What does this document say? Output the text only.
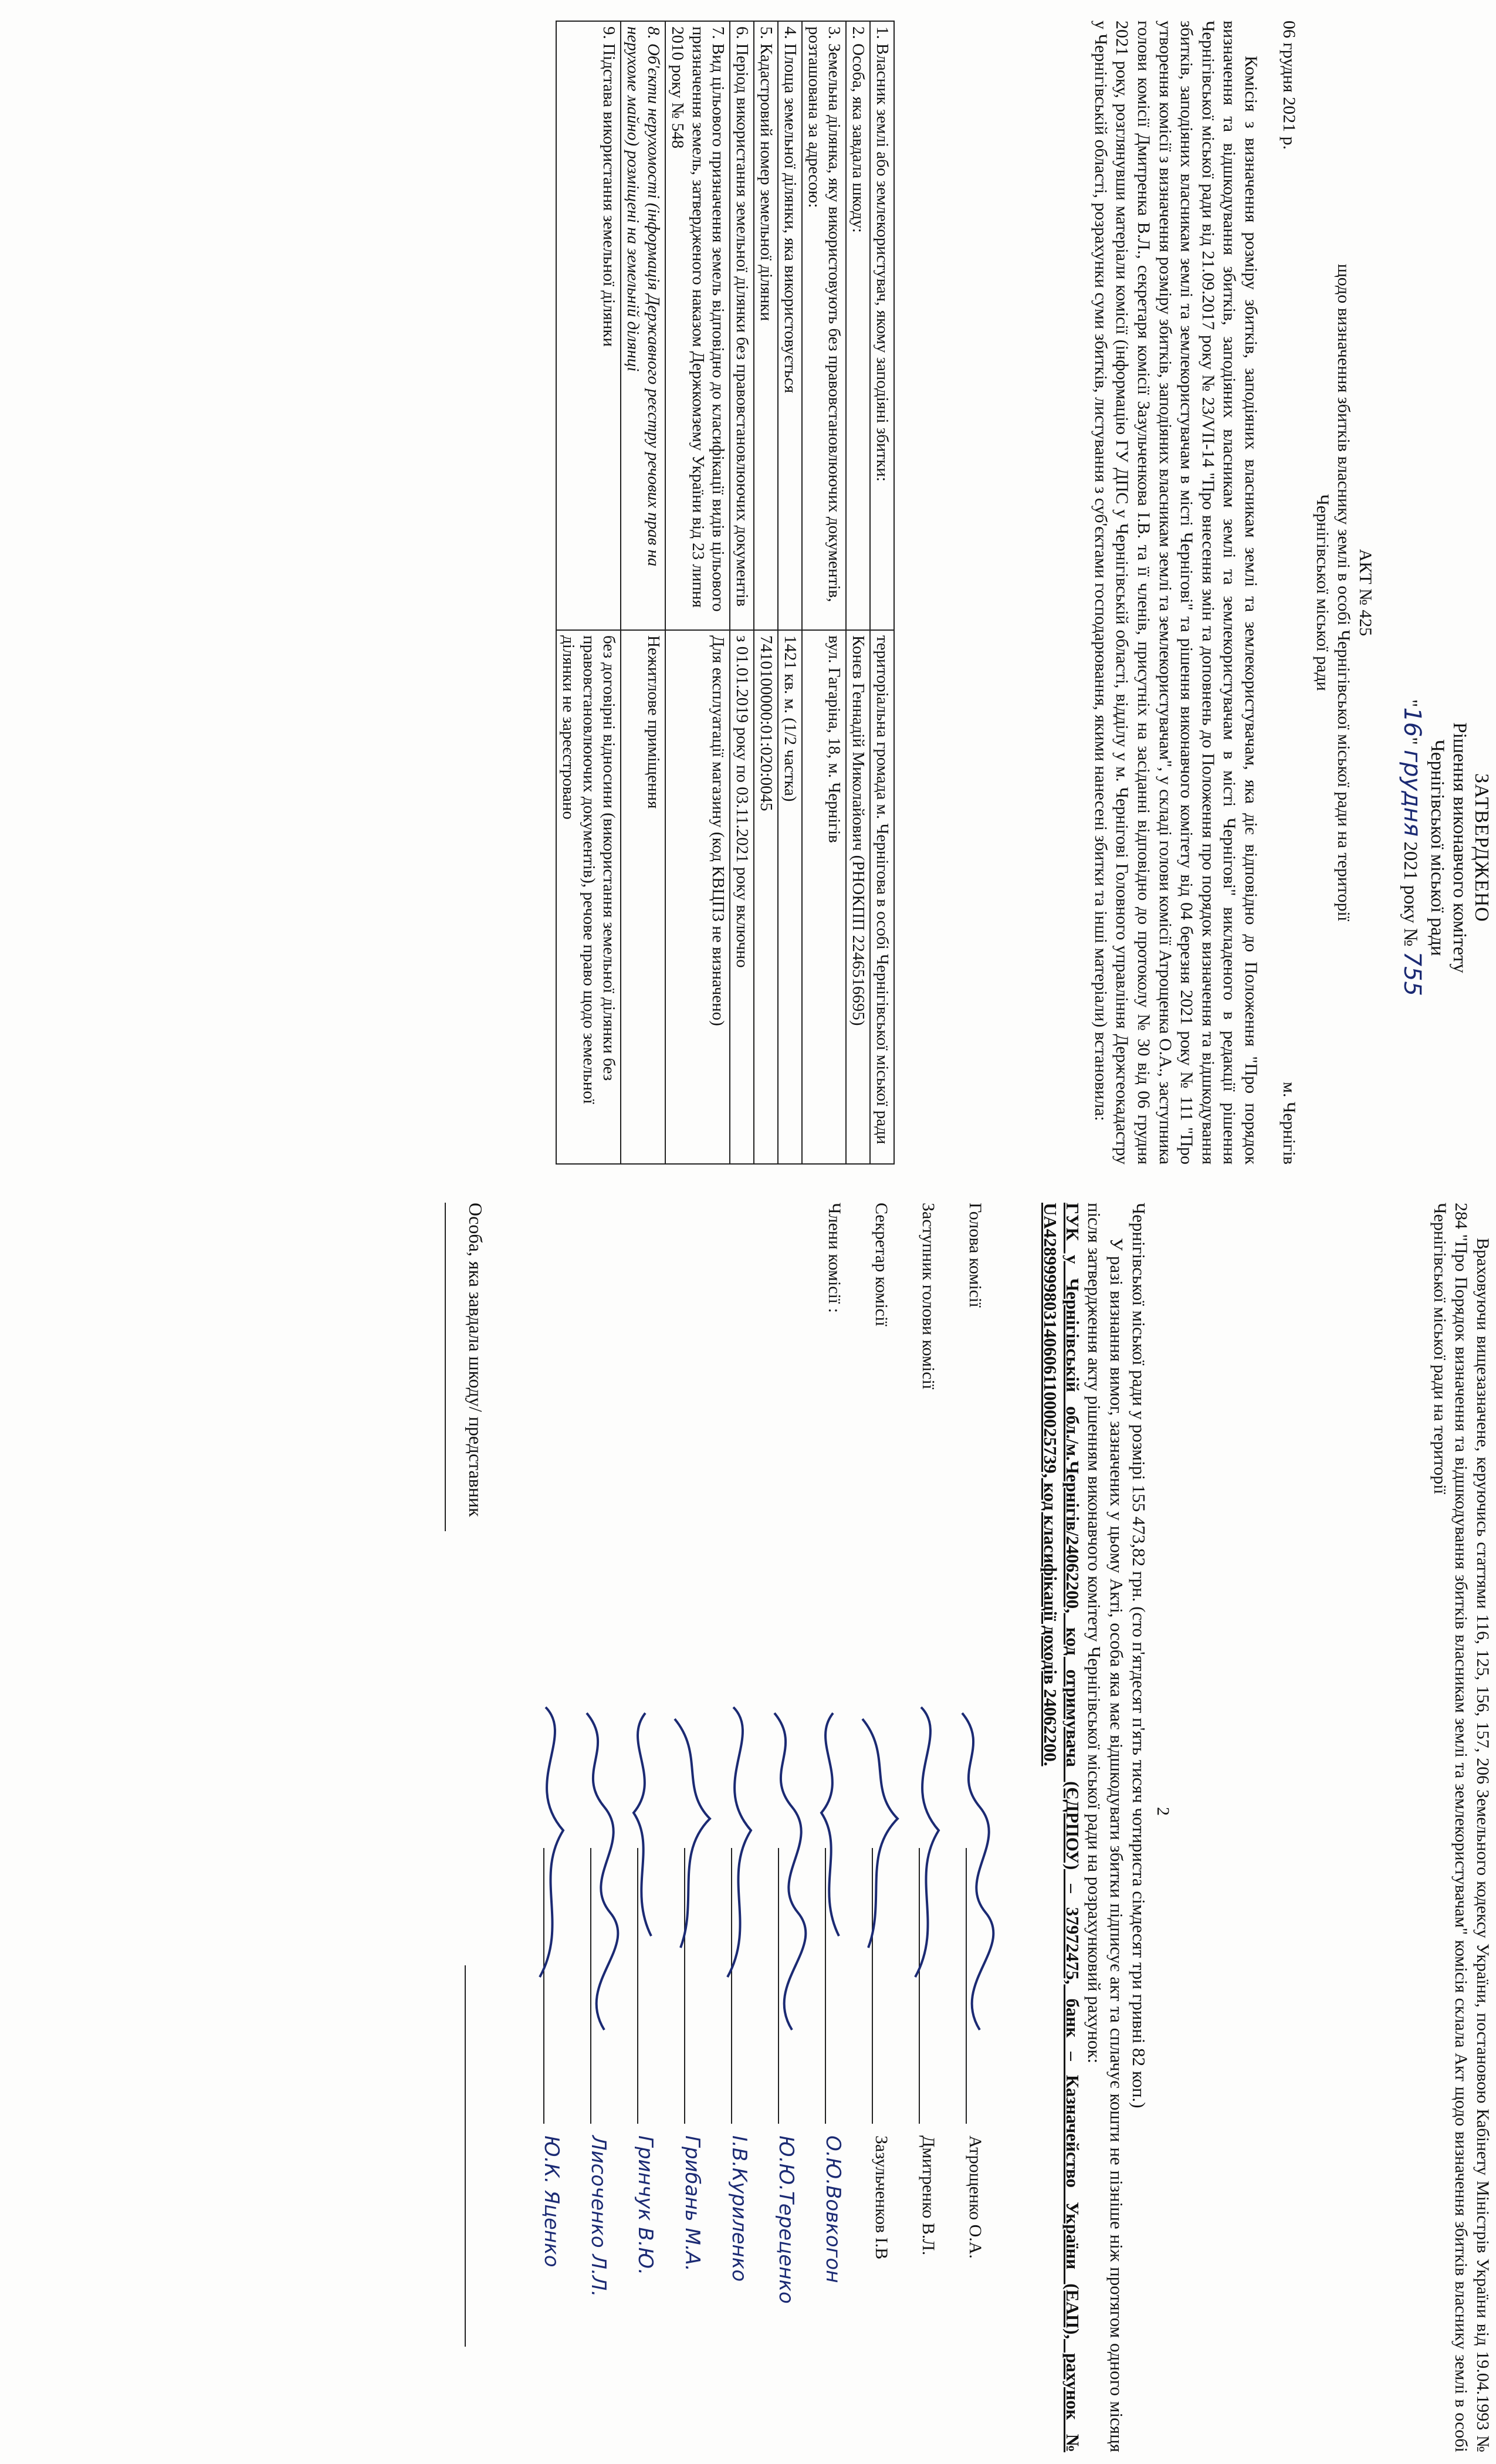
ЗАТВЕРДЖЕНО
Рішення виконавчого комітету
Чернігівської міської ради
"16" грудня 2021 року № 755
АКТ № 425
щодо визначення збитків власнику землі в особі Чернігівської міської ради на території
Чернігівської міської ради
06 грудня 2021 р.
м. Чернігів

Комісія з визначення розміру збитків, заподіяних власникам землі та землекористувачам, яка діє відповідно до Положення "Про порядок визначення та відшкодування збитків, заподіяних власникам землі та землекористувачам в місті Чернігові" викладеного в редакції рішення Чернігівської міської ради від 21.09.2017 року № 23/VII-14 "Про внесення змін та доповнень до Положення про порядок визначення та відшкодування збитків, заподіяних власникам землі та землекористувачам в місті Чернігові" та рішення виконавчого комітету від 04 березня 2021 року № 111 "Про утворення комісії з визначення розміру збитків, заподіяних власникам землі та землекористувачам", у складі голови комісії Атрощенка О.А., заступника голови комісії Дмитренка В.Л., секретаря комісії Зазульченкова І.В. та її членів, присутніх на засіданні відповідно до протоколу № 30 від 06 грудня 2021 року, розглянувши матеріали комісії (інформацію ГУ ДПС у Чернігівській області, відділу у м. Чернігові Головного управління Держгеокадастру у Чернігівській області, розрахунки суми збитків, листування з суб'єктами господарювання, якими нанесені збитки та інші матеріали) встановила:

1. Власник землі або землекористувач, якому заподіяні збитки:	територіальна громада м. Чернігова в особі Чернігівської міської ради
2. Особа, яка завдала шкоду:	Конєв Геннадій Миколайович (РНОКПП 2246516695)
3. Земельна ділянка, яку використовують без правовстановлюючих документів, розташована за адресою:	вул. Гагаріна, 18, м. Чернігів
4. Площа земельної ділянки, яка використовується	1421 кв. м. (1/2 частка)
5. Кадастровий номер земельної ділянки	7410100000:01:020:0045
6. Період використання земельної ділянки без правовстановлюючих документів	з 01.01.2019 року по 03.11.2021 року включно
7. Вид цільового призначення земель відповідно до класифікації видів цільового призначення земель, затвердженого наказом Держкомзему України від 23 липня 2010 року № 548	Для експлуатації магазину (код КВЦПЗ не визначено)
8. Об'єкти нерухомості (інформація Державного реєстру речових прав на нерухоме майно) розміщені на земельній ділянці	Нежитлове приміщення
9. Підстава використання земельної ділянки	без договірні відносини (використання земельної ділянки без правовстановлюючих документів), речове право щодо земельної ділянки не зареєстровано

Враховуючи вищезазначене, керуючись статтями 116, 125, 156, 157, 206 Земельного кодексу України, постановою Кабінету Міністрів України від 19.04.1993 № 284 "Про Порядок визначення та відшкодування збитків власникам землі та землекористувачам" комісія склала Акт щодо визначення збитків власнику землі в особі Чернігівської міської ради на території

2

Чернігівської міської ради у розмірі 155 473,82 грн. (сто п'ятдесят п'ять тисяч чотириста сімдесят три гривні 82 коп.)

У разі визнання вимог, зазначених у цьому Акті, особа яка має відшкодувати збитки підписує акт та сплачує кошти не пізніше ніж протягом одного місяця після затвердження акту рішенням виконавчого комітету Чернігівської міської ради на розрахунковий рахунок:

ГУК у Чернігівській обл./м.Чернігів/24062200, код отримувача (ЄДРПОУ) – 37972475, банк – Казначейство України (ЕАП), рахунок № UA428999980314060611000025739, код класифікації доходів 24062200.

Голова комісії
Атрощенко О.А.
Заступник голови комісії
Дмитренко В.Л.
Секретар комісії
Зазульченков І.В
Члени комісії :
О.Ю.Вовкогон
Ю.Ю.Тереценко
І.В.Куриленко
Грибань М.А.
Гринчук В.Ю.
Лисоченко Л.Л.
Ю.К. Яценко
Особа, яка завдала шкоду/ представник
